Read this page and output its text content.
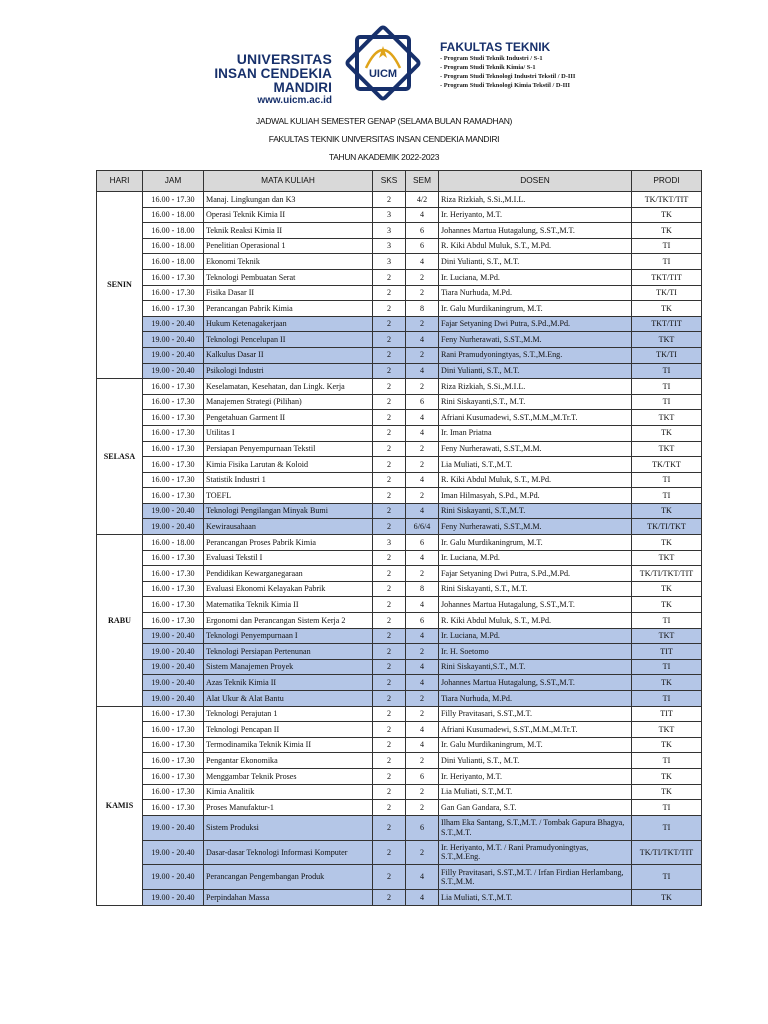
UNIVERSITAS
INSAN CENDEKIA MANDIRI
www.uicm.ac.id
UICM
FAKULTAS TEKNIK
- Program Studi Teknik Industri / S-1
- Program Studi Teknik Kimia/ S-1
- Program Studi Teknologi Industri Tekstil / D-III
- Program Studi Teknologi Kimia Tekstil / D-III
JADWAL KULIAH SEMESTER GENAP (SELAMA BULAN RAMADHAN)
FAKULTAS TEKNIK UNIVERSITAS INSAN CENDEKIA MANDIRI
TAHUN AKADEMIK 2022-2023
HARI	JAM	MATA KULIAH	SKS	SEM	DOSEN	PRODI
SENIN	16.00 - 17.30	Manaj. Lingkungan dan K3	2	4/2	Riza Rizkiah, S.Si.,M.I.L.	TK/TKT/TIT
	16.00 - 18.00	Operasi Teknik Kimia II	3	4	Ir. Heriyanto, M.T.	TK
	16.00 - 18.00	Teknik Reaksi Kimia II	3	6	Johannes Martua Hutagalung, S.ST.,M.T.	TK
	16.00 - 18.00	Penelitian Operasional 1	3	6	R. Kiki Abdul Muluk, S.T., M.Pd.	TI
	16.00 - 18.00	Ekonomi Teknik	3	4	Dini Yulianti, S.T., M.T.	TI
	16.00 - 17.30	Teknologi Pembuatan Serat	2	2	Ir. Luciana, M.Pd.	TKT/TIT
	16.00 - 17.30	Fisika Dasar II	2	2	Tiara Nurhuda, M.Pd.	TK/TI
	16.00 - 17.30	Perancangan Pabrik Kimia	2	8	Ir. Galu Murdikaningrum, M.T.	TK
	19.00 - 20.40	Hukum Ketenagakerjaan	2	2	Fajar Setyaning Dwi Putra, S.Pd.,M.Pd.	TKT/TIT
	19.00 - 20.40	Teknologi Pencelupan II	2	4	Feny Nurherawati, S.ST.,M.M.	TKT
	19.00 - 20.40	Kalkulus Dasar II	2	2	Rani Pramudyoningtyas, S.T.,M.Eng.	TK/TI
	19.00 - 20.40	Psikologi Industri	2	4	Dini Yulianti, S.T., M.T.	TI
SELASA	16.00 - 17.30	Keselamatan, Kesehatan, dan Lingk. Kerja	2	2	Riza Rizkiah, S.Si.,M.I.L.	TI
	16.00 - 17.30	Manajemen Strategi (Pilihan)	2	6	Rini Siskayanti,S.T., M.T.	TI
	16.00 - 17.30	Pengetahuan Garment II	2	4	Afriani Kusumadewi, S.ST.,M.M.,M.Tr.T.	TKT
	16.00 - 17.30	Utilitas I	2	4	Ir. Iman Priatna	TK
	16.00 - 17.30	Persiapan Penyempurnaan Tekstil	2	2	Feny Nurherawati, S.ST.,M.M.	TKT
	16.00 - 17.30	Kimia Fisika Larutan & Koloid	2	2	Lia Muliati, S.T.,M.T.	TK/TKT
	16.00 - 17.30	Statistik Industri 1	2	4	R. Kiki Abdul Muluk, S.T., M.Pd.	TI
	16.00 - 17.30	TOEFL	2	2	Iman Hilmasyah, S.Pd., M.Pd.	TI
	19.00 - 20.40	Teknologi Pengilangan Minyak Bumi	2	4	Rini Siskayanti, S.T.,M.T.	TK
	19.00 - 20.40	Kewirausahaan	2	6/6/4	Feny Nurherawati, S.ST.,M.M.	TK/TI/TKT
RABU	16.00 - 18.00	Perancangan Proses Pabrik Kimia	3	6	Ir. Galu Murdikaningrum, M.T.	TK
	16.00 - 17.30	Evaluasi Tekstil I	2	4	Ir. Luciana, M.Pd.	TKT
	16.00 - 17.30	Pendidikan Kewarganegaraan	2	2	Fajar Setyaning Dwi Putra, S.Pd.,M.Pd.	TK/TI/TKT/TIT
	16.00 - 17.30	Evaluasi Ekonomi Kelayakan Pabrik	2	8	Rini Siskayanti, S.T., M.T.	TK
	16.00 - 17.30	Matematika Teknik Kimia II	2	4	Johannes Martua Hutagalung, S.ST.,M.T.	TK
	16.00 - 17.30	Ergonomi dan Perancangan Sistem Kerja 2	2	6	R. Kiki Abdul Muluk, S.T., M.Pd.	TI
	19.00 - 20.40	Teknologi Penyempurnaan I	2	4	Ir. Luciana, M.Pd.	TKT
	19.00 - 20.40	Teknologi Persiapan Pertenunan	2	2	Ir. H. Soetomo	TIT
	19.00 - 20.40	Sistem Manajemen Proyek	2	4	Rini Siskayanti,S.T., M.T.	TI
	19.00 - 20.40	Azas Teknik Kimia II	2	4	Johannes Martua Hutagalung, S.ST.,M.T.	TK
	19.00 - 20.40	Alat Ukur & Alat Bantu	2	2	Tiara Nurhuda, M.Pd.	TI
KAMIS	16.00 - 17.30	Teknologi Perajutan 1	2	2	Filly Pravitasari, S.ST.,M.T.	TIT
	16.00 - 17.30	Teknologi Pencapan II	2	4	Afriani Kusumadewi, S.ST.,M.M.,M.Tr.T.	TKT
	16.00 - 17.30	Termodinamika Teknik Kimia II	2	4	Ir. Galu Murdikaningrum, M.T.	TK
	16.00 - 17.30	Pengantar Ekonomika	2	2	Dini Yulianti, S.T., M.T.	TI
	16.00 - 17.30	Menggambar Teknik Proses	2	6	Ir. Heriyanto, M.T.	TK
	16.00 - 17.30	Kimia Analitik	2	2	Lia Muliati, S.T.,M.T.	TK
	16.00 - 17.30	Proses Manufaktur-1	2	2	Gan Gan Gandara, S.T.	TI
	19.00 - 20.40	Sistem Produksi	2	6	Ilham Eka Santang, S.T.,M.T. / Tombak Gapura Bhagya, S.T.,M.T.	TI
	19.00 - 20.40	Dasar-dasar Teknologi Informasi Komputer	2	2	Ir. Heriyanto, M.T. / Rani Pramudyoningtyas, S.T.,M.Eng.	TK/TI/TKT/TIT
	19.00 - 20.40	Perancangan Pengembangan Produk	2	4	Filly Pravitasari, S.ST.,M.T. / Irfan Firdian Herlambang, S.T.,M.M.	TI
	19.00 - 20.40	Perpindahan Massa	2	4	Lia Muliati, S.T.,M.T.	TK
